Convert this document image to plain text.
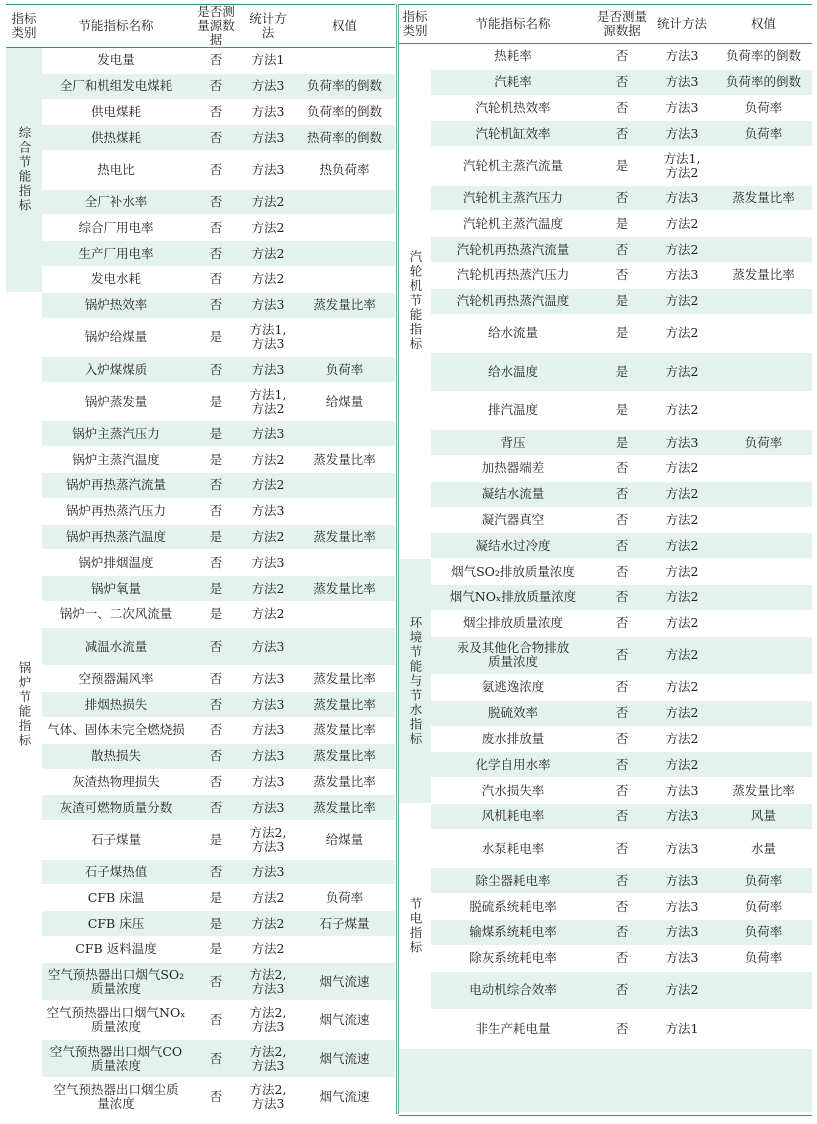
指标类别	节能指标名称	是否测量源数据	统计方法	权值
综合节能指标	发电量	否	方法1	
	全厂和机组发电煤耗	否	方法3	负荷率的倒数
	供电煤耗	否	方法3	负荷率的倒数
	供热煤耗	否	方法3	热荷率的倒数
	热电比	否	方法3	热负荷率
	全厂补水率	否	方法2	
	综合厂用电率	否	方法2	
	生产厂用电率	否	方法2	
	发电水耗	否	方法2	
锅炉节能指标	锅炉热效率	否	方法3	蒸发量比率
	锅炉给煤量	是	方法1,
方法3	
	入炉煤煤质	否	方法3	负荷率
	锅炉蒸发量	是	方法1,
方法2	给煤量
	锅炉主蒸汽压力	是	方法3	
	锅炉主蒸汽温度	是	方法2	蒸发量比率
	锅炉再热蒸汽流量	否	方法2	
	锅炉再热蒸汽压力	否	方法3	
	锅炉再热蒸汽温度	是	方法2	蒸发量比率
	锅炉排烟温度	否	方法3	
	锅炉氧量	是	方法2	蒸发量比率
	锅炉一、二次风流量	是	方法2	
	减温水流量	否	方法3	
	空预器漏风率	否	方法3	蒸发量比率
	排烟热损失	否	方法3	蒸发量比率
	气体、固体未完全燃烧损	否	方法3	蒸发量比率
	散热损失	否	方法3	蒸发量比率
	灰渣热物理损失	否	方法3	蒸发量比率
	灰渣可燃物质量分数	否	方法3	蒸发量比率
	石子煤量	是	方法2,
方法3	给煤量
	石子煤热值	否	方法3	
	CFB 床温	是	方法2	负荷率
	CFB 床压	是	方法2	石子煤量
	CFB 返料温度	是	方法2	
	空气预热器出口烟气SO₂
质量浓度	否	方法2,
方法3	烟气流速
	空气预热器出口烟气NOₓ
质量浓度	否	方法2,
方法3	烟气流速
	空气预热器出口烟气CO
质量浓度	否	方法2,
方法3	烟气流速
	空气预热器出口烟尘质
量浓度	否	方法2,
方法3	烟气流速
指标类别	节能指标名称	是否测量源数据	统计方法	权值
汽轮机节能指标	热耗率	否	方法3	负荷率的倒数
	汽耗率	否	方法3	负荷率的倒数
	汽轮机热效率	否	方法3	负荷率
	汽轮机缸效率	否	方法3	负荷率
	汽轮机主蒸汽流量	是	方法1,
方法2	
	汽轮机主蒸汽压力	否	方法3	蒸发量比率
	汽轮机主蒸汽温度	是	方法2	
	汽轮机再热蒸汽流量	否	方法2	
	汽轮机再热蒸汽压力	否	方法3	蒸发量比率
	汽轮机再热蒸汽温度	是	方法2	
	给水流量	是	方法2	
	给水温度	是	方法2	
	排汽温度	是	方法2	
	背压	是	方法3	负荷率
	加热器端差	否	方法2	
	凝结水流量	否	方法2	
	凝汽器真空	否	方法2	
	凝结水过冷度	否	方法2	
环境节能与节水指标	烟气SO₂排放质量浓度	否	方法2	
	烟气NOₓ排放质量浓度	否	方法2	
	烟尘排放质量浓度	否	方法2	
	汞及其他化合物排放
质量浓度	否	方法2	
	氨逃逸浓度	否	方法2	
	脱硫效率	否	方法2	
	废水排放量	否	方法2	
	化学自用水率	否	方法2	
	汽水损失率	否	方法3	蒸发量比率
节电指标	风机耗电率	否	方法3	风量
	水泵耗电率	否	方法3	水量
	除尘器耗电率	否	方法3	负荷率
	脱硫系统耗电率	否	方法3	负荷率
	输煤系统耗电率	否	方法3	负荷率
	除灰系统耗电率	否	方法3	负荷率
	电动机综合效率	否	方法2	
	非生产耗电量	否	方法1	
